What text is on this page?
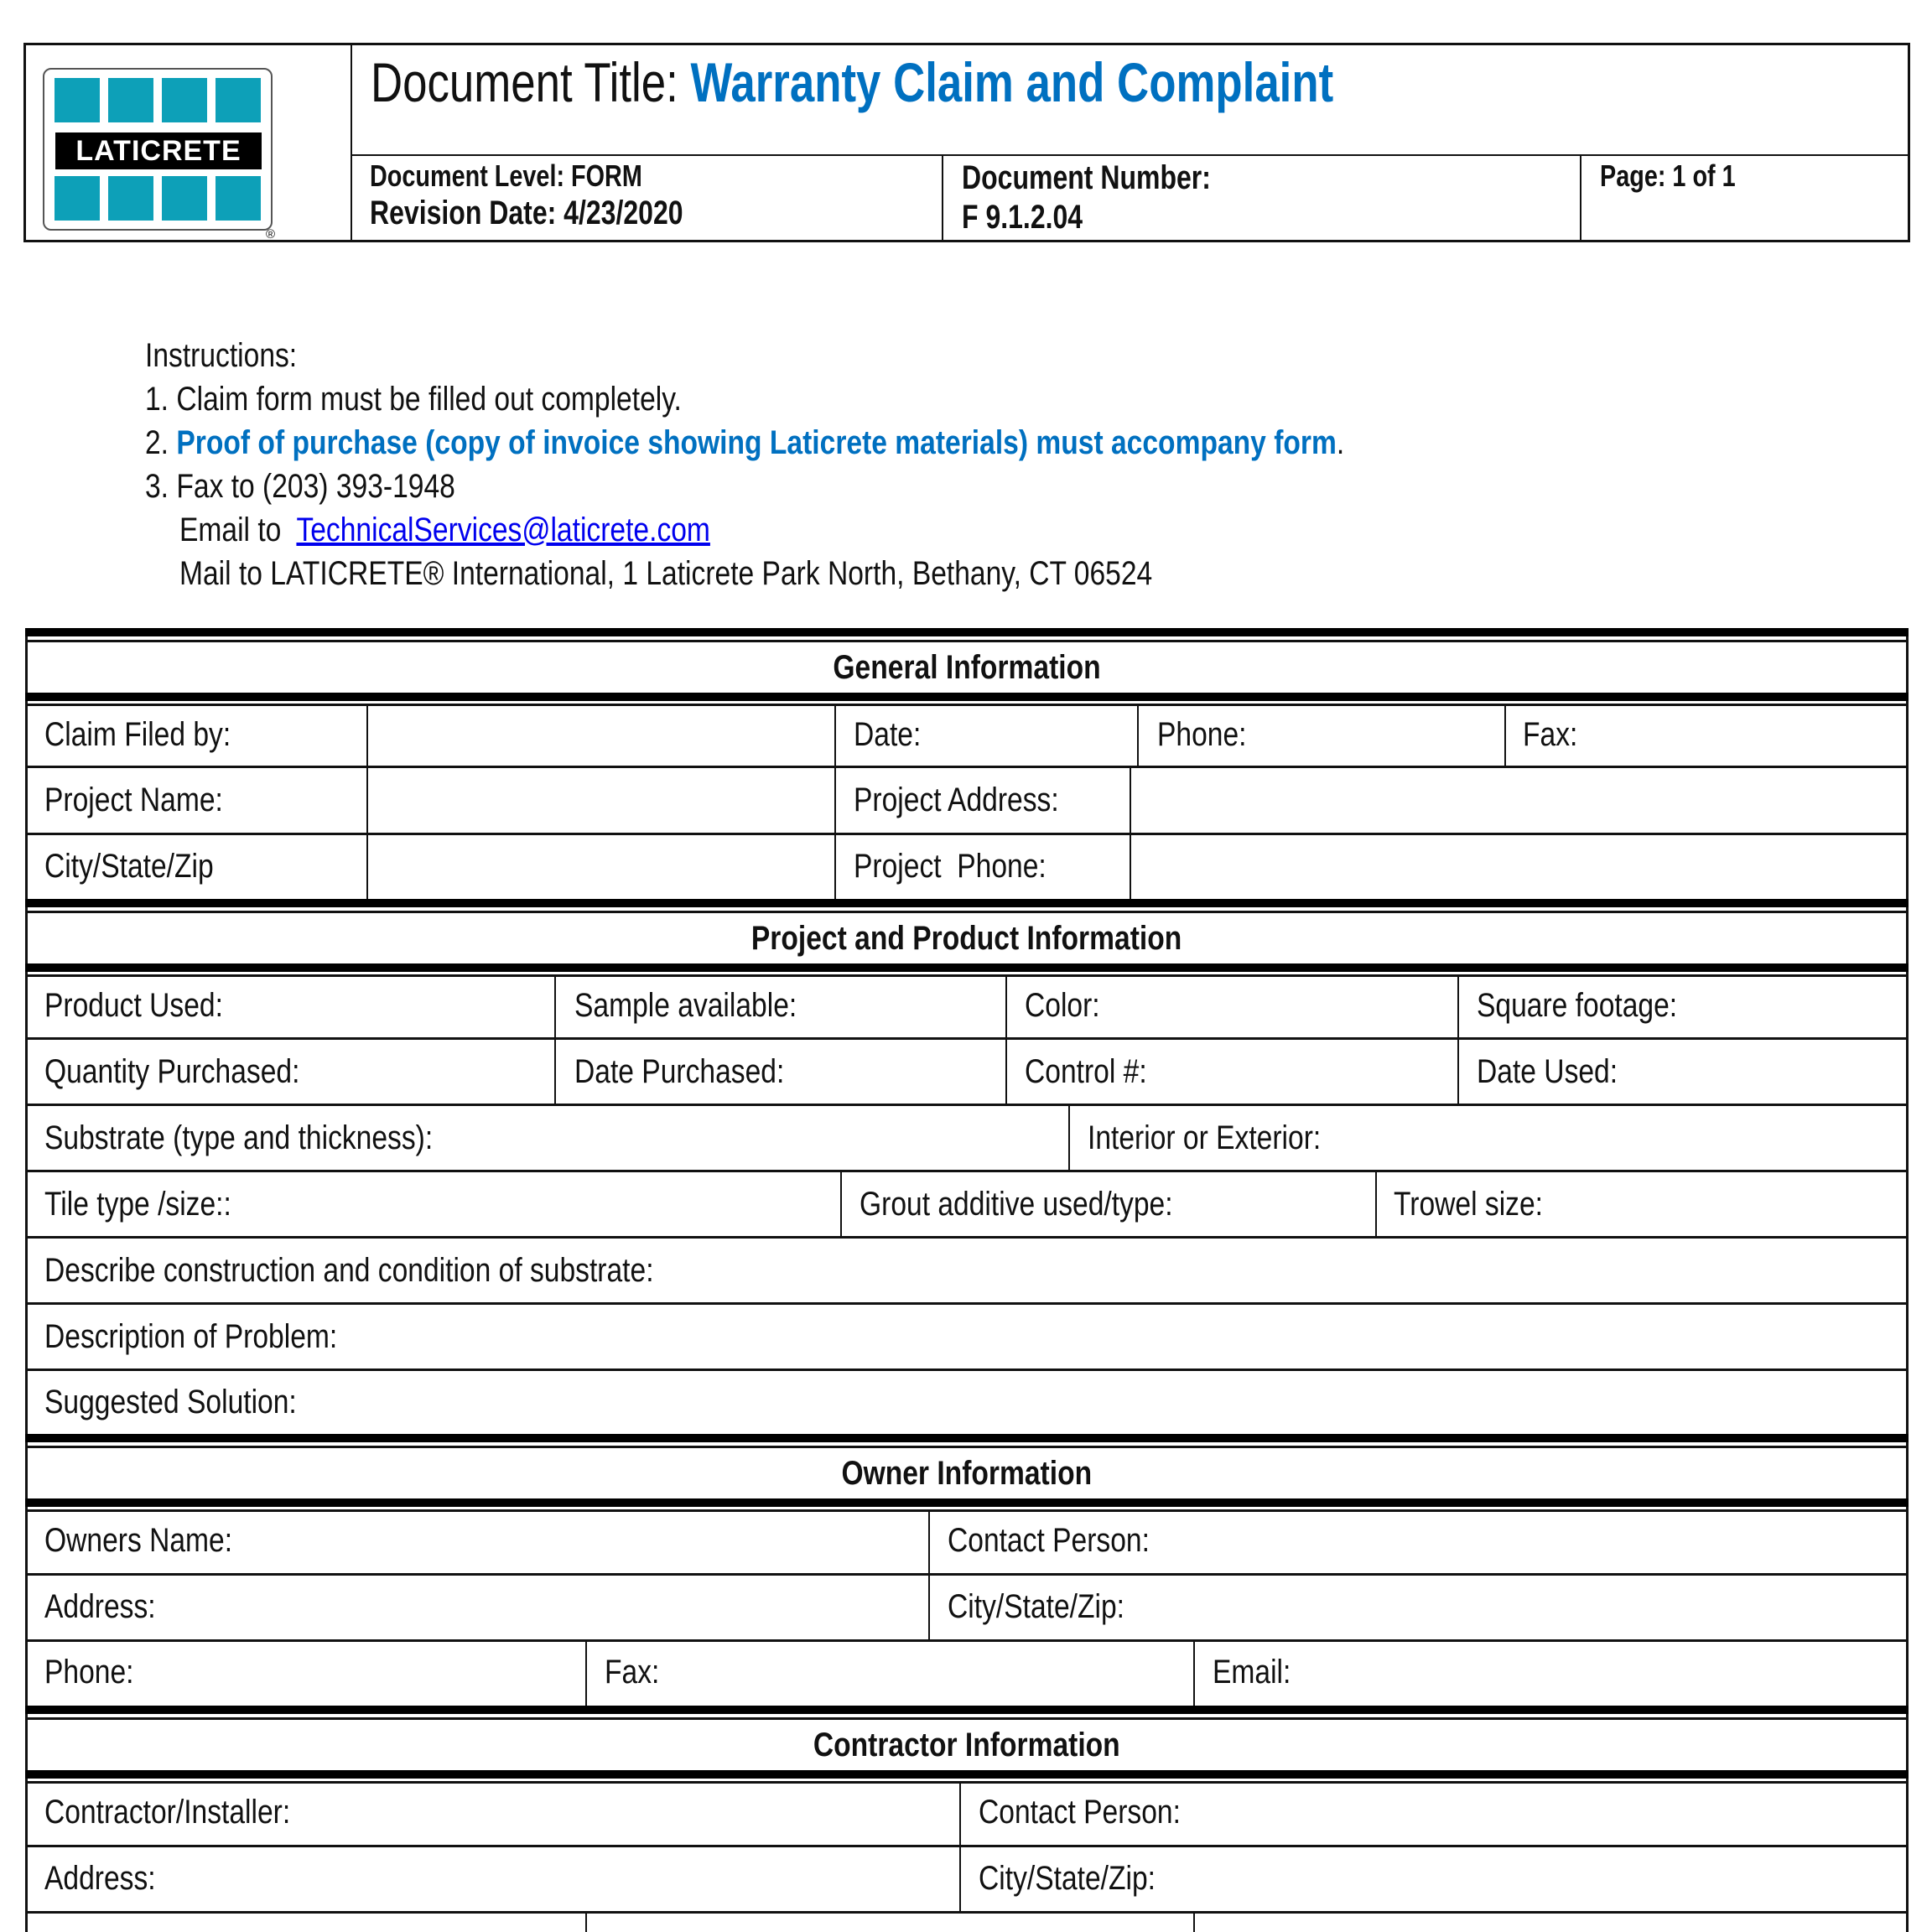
LATICRETE
®
Document Title: Warranty Claim and Complaint
Document Level: FORM
Revision Date: 4/23/2020
Document Number:
F 9.1.2.04
Page: 1 of 1
Instructions:
1. Claim form must be filled out completely.
2. Proof of purchase (copy of invoice showing Laticrete materials) must accompany form.
3. Fax to (203) 393-1948
Email to  TechnicalServices@laticrete.com
Mail to LATICRETE® International, 1 Laticrete Park North, Bethany, CT 06524
General Information
Claim Filed by:	Date:	Phone:	Fax:
Project Name:	Project Address:
City/State/Zip	Project  Phone:
Project and Product Information
Product Used:	Sample available:	Color:	Square footage:
Quantity Purchased:	Date Purchased:	Control #:	Date Used:
Substrate (type and thickness):	Interior or Exterior:
Tile type /size::	Grout additive used/type:	Trowel size:
Describe construction and condition of substrate:
Description of Problem:
Suggested Solution:
Owner Information
Owners Name:	Contact Person:
Address:	City/State/Zip:
Phone:	Fax:	Email:
Contractor Information
Contractor/Installer:	Contact Person:
Address:	City/State/Zip:
